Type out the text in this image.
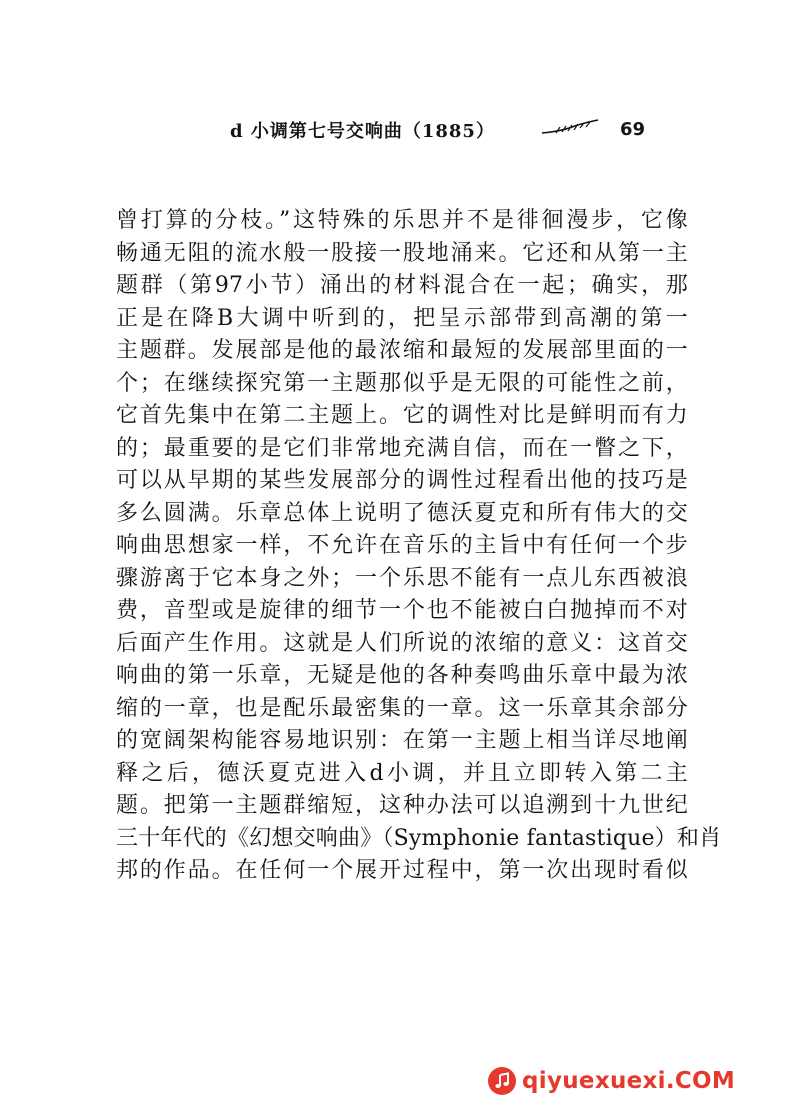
d 小调第七号交响曲（1885）	69
曾打算的分枝。”这特殊的乐思并不是徘徊漫步，它像
畅通无阻的流水般一股接一股地涌来。它还和从第一主
题群（第97小节）涌出的材料混合在一起；确实，那
正是在降B大调中听到的，把呈示部带到高潮的第一
主题群。发展部是他的最浓缩和最短的发展部里面的一
个；在继续探究第一主题那似乎是无限的可能性之前，
它首先集中在第二主题上。它的调性对比是鲜明而有力
的；最重要的是它们非常地充满自信，而在一瞥之下，
可以从早期的某些发展部分的调性过程看出他的技巧是
多么圆满。乐章总体上说明了德沃夏克和所有伟大的交
响曲思想家一样，不允许在音乐的主旨中有任何一个步
骤游离于它本身之外；一个乐思不能有一点儿东西被浪
费，音型或是旋律的细节一个也不能被白白抛掉而不对
后面产生作用。这就是人们所说的浓缩的意义：这首交
响曲的第一乐章，无疑是他的各种奏鸣曲乐章中最为浓
缩的一章，也是配乐最密集的一章。这一乐章其余部分
的宽阔架构能容易地识别：在第一主题上相当详尽地阐
释之后，德沃夏克进入d小调，并且立即转入第二主
题。把第一主题群缩短，这种办法可以追溯到十九世纪
三十年代的《幻想交响曲》（Symphonie fantastique）和肖
邦的作品。在任何一个展开过程中，第一次出现时看似
qiyuexuexi.COM
